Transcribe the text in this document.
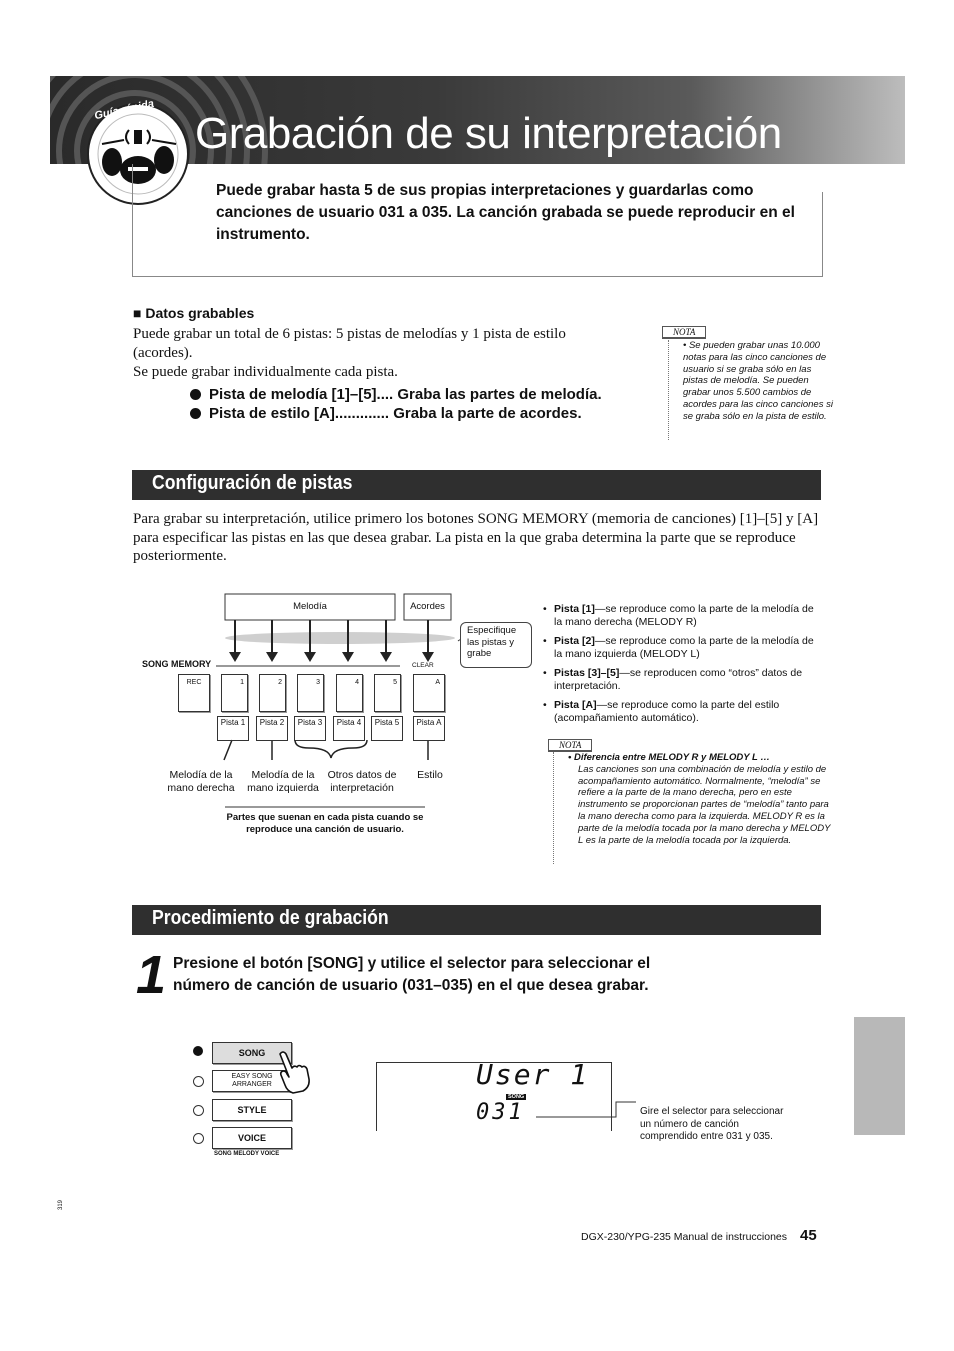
Grabación de su interpretación
Guía rápida
Puede grabar hasta 5 de sus propias interpretaciones y guardarlas como canciones de usuario 031 a 035. La canción grabada se puede reproducir en el instrumento.
■ Datos grabables
Puede grabar un total de 6 pistas: 5 pistas de melodías y 1 pista de estilo (acordes).
Se puede grabar individualmente cada pista.
Pista de melodía [1]–[5].... Graba las partes de melodía.
Pista de estilo [A]............. Graba la parte de acordes.
• Se pueden grabar unas 10.000 notas para las cinco canciones de usuario si se graba sólo en las pistas de melodía. Se pueden grabar unos 5.500 cambios de acordes para las cinco canciones si se graba sólo en la pista de estilo.
NOTA
Configuración de pistas
Para grabar su interpretación, utilice primero los botones SONG MEMORY (memoria de canciones) [1]–[5] y [A] para especificar las pistas en las que desea grabar. La pista en la que graba determina la parte que se reproduce posteriormente.
Melodía	Acordes
Especifique las pistas y grabe
SONG MEMORY	CLEAR
REC	1	2	3	4	5	A
Pista 1	Pista 2	Pista 3	Pista 4	Pista 5	Pista A
Melodía de la mano derecha
Melodía de la mano izquierda
Otros datos de interpretación
Estilo
Partes que suenan en cada pista cuando se reproduce una canción de usuario.
• Pista [1]—se reproduce como la parte de la melodía de la mano derecha (MELODY R)
• Pista [2]—se reproduce como la parte de la melodía de la mano izquierda (MELODY L)
• Pistas [3]–[5]—se reproducen como “otros” datos de interpretación.
• Pista [A]—se reproduce como la parte del estilo (acompañamiento automático).
• Diferencia entre MELODY R y MELODY L …
Las canciones son una combinación de melodía y estilo de acompañamiento automático. Normalmente, “melodía” se refiere a la parte de la mano derecha, pero en este instrumento se proporcionan partes de “melodía” tanto para la mano derecha como para la izquierda. MELODY R es la parte de la melodía tocada por la mano derecha y MELODY L es la parte de la melodía tocada por la izquierda.
NOTA
Procedimiento de grabación
1 Presione el botón [SONG] y utilice el selector para seleccionar el número de canción de usuario (031–035) en el que desea grabar.
SONG
EASY SONG ARRANGER
STYLE
VOICE
SONG MELODY VOICE
User 1
SONG
031	Gire el selector para seleccionar un número de canción comprendido entre 031 y 035.
319
DGX-230/YPG-235 Manual de instrucciones 45
